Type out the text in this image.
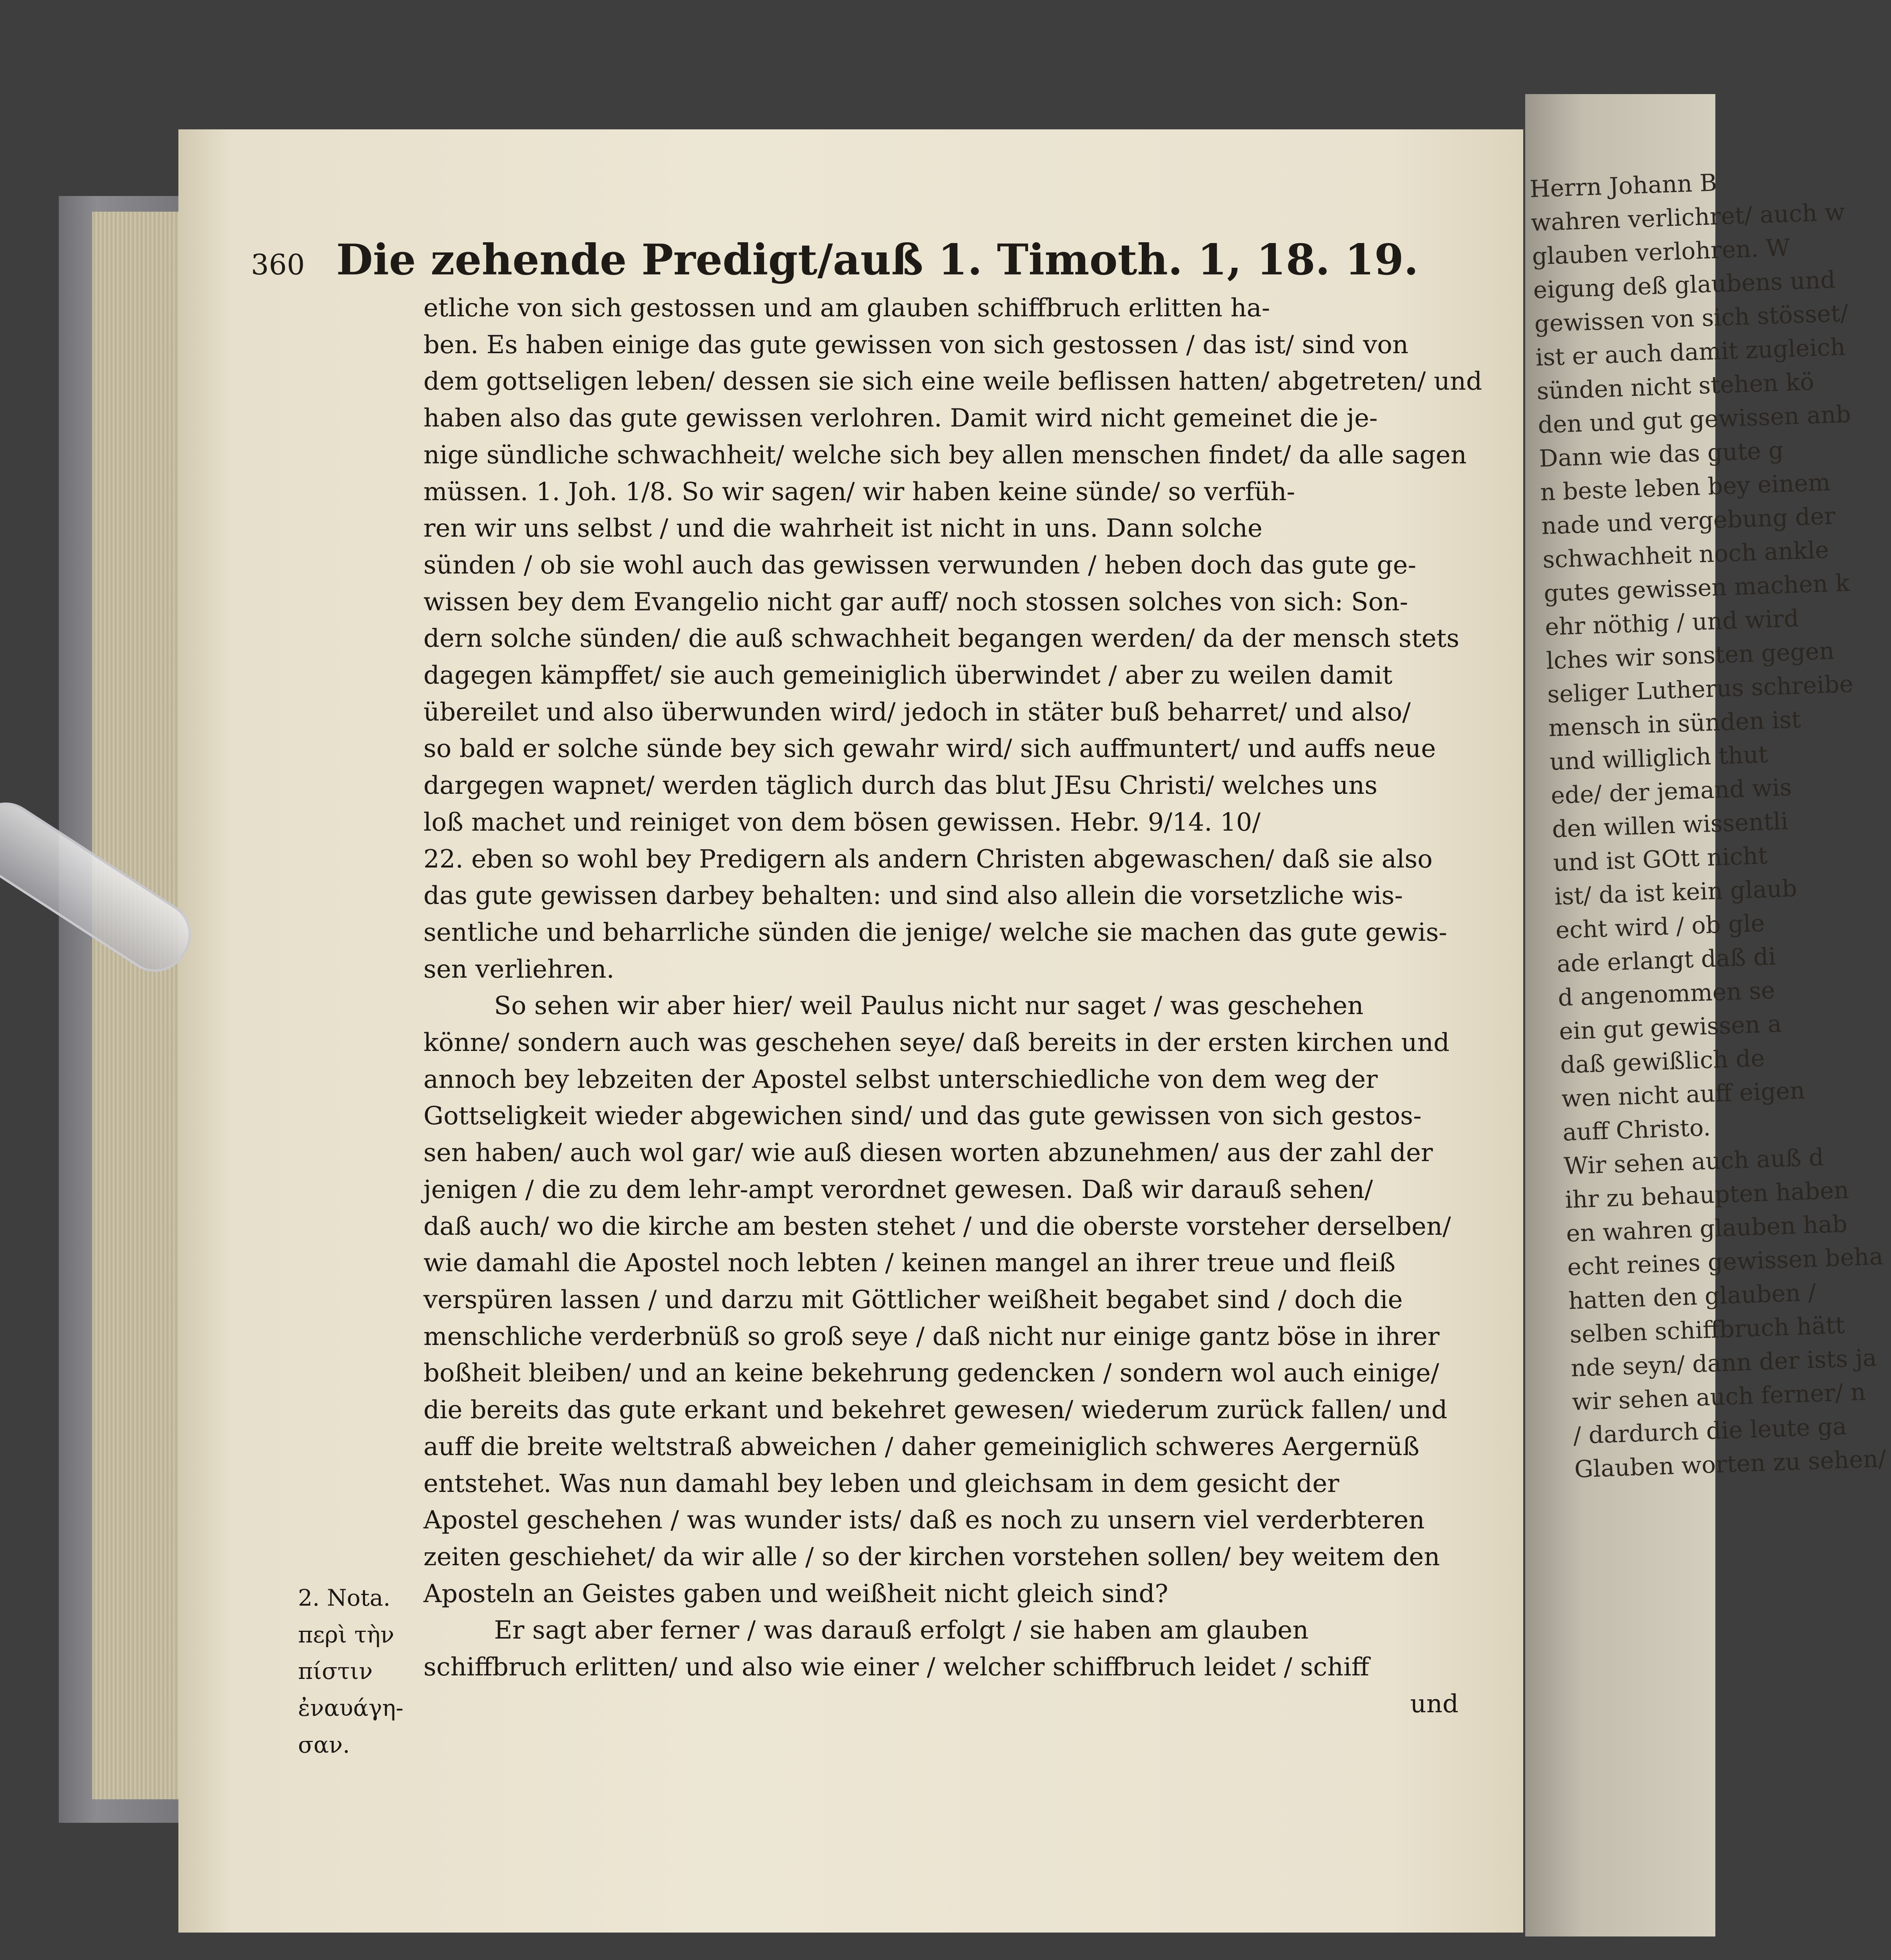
Herrn Johann B
wahren verlichret/ auch w
glauben verlohren. W
eigung deß glaubens und
gewissen von sich stösset/
ist er auch damit zugleich
sünden nicht stehen kö
den und gut gewissen anb
Dann wie das gute g
n beste leben bey einem
nade und vergebung der
schwachheit noch ankle
gutes gewissen machen k
ehr nöthig / und wird
lches wir sonsten gegen
seliger Lutherus schreibe
mensch in sünden ist
und williglich thut
ede/ der jemand wis
den willen wissentli
und ist GOtt nicht
ist/ da ist kein glaub
echt wird / ob gle
ade erlangt daß di
d angenommen se
ein gut gewissen a
daß gewißlich de
wen nicht auff eigen
auff Christo.
Wir sehen auch auß d
ihr zu behaupten haben
en wahren glauben hab
echt reines gewissen beha
hatten den glauben /
selben schiffbruch hätt
nde seyn/ dann der ists ja
wir sehen auch ferner/ n
/ dardurch die leute ga
Glauben worten zu sehen/
360 Die zehende Predigt/auß 1. Timoth. 1, 18. 19.
etliche von sich gestossen und am glauben schiffbruch erlitten ha-
ben. Es haben einige das gute gewissen von sich gestossen / das ist/ sind von
dem gottseligen leben/ dessen sie sich eine weile beflissen hatten/ abgetreten/ und
haben also das gute gewissen verlohren. Damit wird nicht gemeinet die je-
nige sündliche schwachheit/ welche sich bey allen menschen findet/ da alle sagen
müssen. 1. Joh. 1/8. So wir sagen/ wir haben keine sünde/ so verfüh-
ren wir uns selbst / und die wahrheit ist nicht in uns. Dann solche
sünden / ob sie wohl auch das gewissen verwunden / heben doch das gute ge-
wissen bey dem Evangelio nicht gar auff/ noch stossen solches von sich: Son-
dern solche sünden/ die auß schwachheit begangen werden/ da der mensch stets
dagegen kämpffet/ sie auch gemeiniglich überwindet / aber zu weilen damit
übereilet und also überwunden wird/ jedoch in stäter buß beharret/ und also/
so bald er solche sünde bey sich gewahr wird/ sich auffmuntert/ und auffs neue
dargegen wapnet/ werden täglich durch das blut JEsu Christi/ welches uns
loß machet und reiniget von dem bösen gewissen. Hebr. 9/14. 10/
22. eben so wohl bey Predigern als andern Christen abgewaschen/ daß sie also
das gute gewissen darbey behalten: und sind also allein die vorsetzliche wis-
sentliche und beharrliche sünden die jenige/ welche sie machen das gute gewis-
sen verliehren.
So sehen wir aber hier/ weil Paulus nicht nur saget / was geschehen
könne/ sondern auch was geschehen seye/ daß bereits in der ersten kirchen und
annoch bey lebzeiten der Apostel selbst unterschiedliche von dem weg der
Gottseligkeit wieder abgewichen sind/ und das gute gewissen von sich gestos-
sen haben/ auch wol gar/ wie auß diesen worten abzunehmen/ aus der zahl der
jenigen / die zu dem lehr-ampt verordnet gewesen. Daß wir darauß sehen/
daß auch/ wo die kirche am besten stehet / und die oberste vorsteher derselben/
wie damahl die Apostel noch lebten / keinen mangel an ihrer treue und fleiß
verspüren lassen / und darzu mit Göttlicher weißheit begabet sind / doch die
menschliche verderbnüß so groß seye / daß nicht nur einige gantz böse in ihrer
boßheit bleiben/ und an keine bekehrung gedencken / sondern wol auch einige/
die bereits das gute erkant und bekehret gewesen/ wiederum zurück fallen/ und
auff die breite weltstraß abweichen / daher gemeiniglich schweres Aergernüß
entstehet. Was nun damahl bey leben und gleichsam in dem gesicht der
Apostel geschehen / was wunder ists/ daß es noch zu unsern viel verderbteren
zeiten geschiehet/ da wir alle / so der kirchen vorstehen sollen/ bey weitem den
Aposteln an Geistes gaben und weißheit nicht gleich sind?
Er sagt aber ferner / was darauß erfolgt / sie haben am glauben
schiffbruch erlitten/ und also wie einer / welcher schiffbruch leidet / schiff
und
2. Nota.
περὶ τὴν
πίστιν
ἐναυάγη-
σαν.
